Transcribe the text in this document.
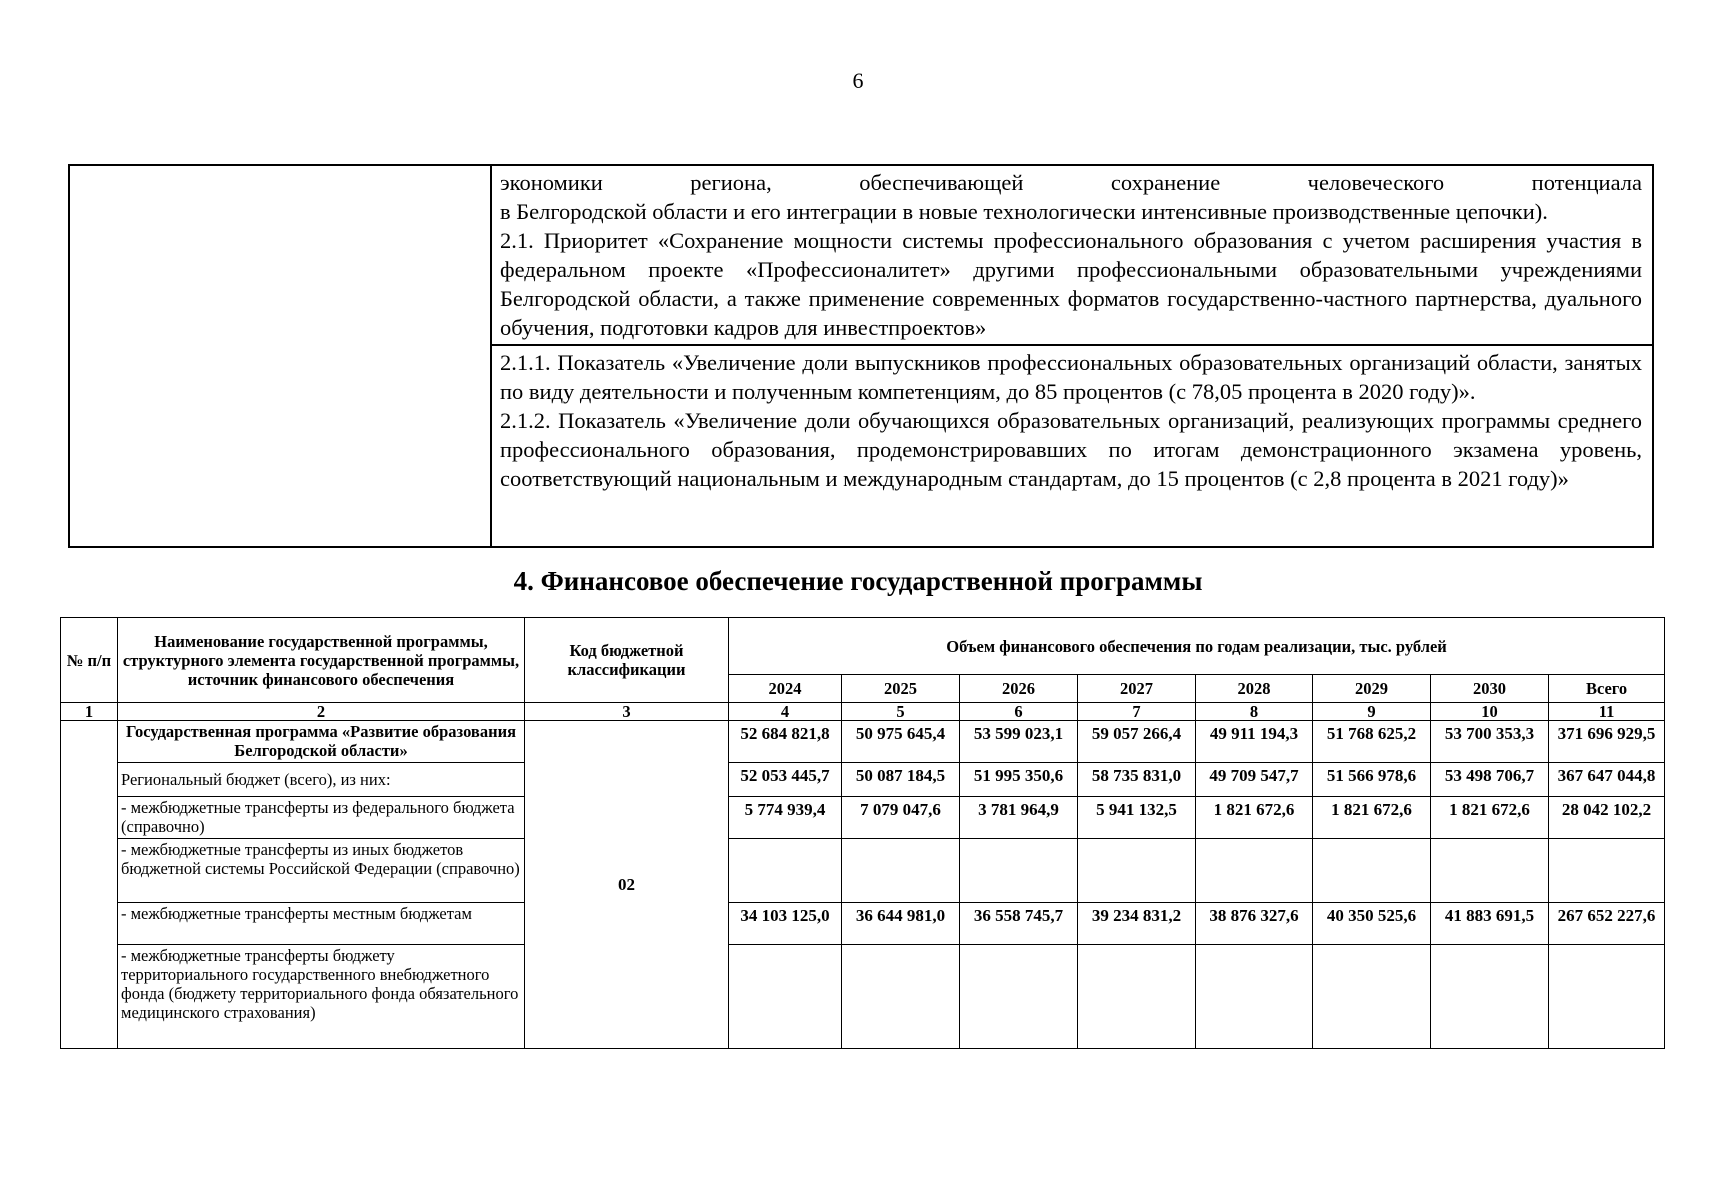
6

экономики региона, обеспечивающей сохранение человеческого потенциала

в Белгородской области и его интеграции в новые технологически интенсивные производственные цепочки).

2.1. Приоритет «Сохранение мощности системы профессионального образования с учетом расширения участия в федеральном проекте «Профессионалитет» другими профессиональными образовательными учреждениями Белгородской области, а также применение современных форматов государственно-частного партнерства, дуального обучения, подготовки кадров для инвестпроектов»

2.1.1. Показатель «Увеличение доли выпускников профессиональных образовательных организаций области, занятых по виду деятельности и полученным компетенциям, до 85 процентов (с 78,05 процента в 2020 году)».

2.1.2. Показатель «Увеличение доли обучающихся образовательных организаций, реализующих программы среднего профессионального образования, продемонстрировавших по итогам демонстрационного экзамена уровень, соответствующий национальным и международным стандартам, до 15 процентов (с 2,8 процента в 2021 году)»

4. Финансовое обеспечение государственной программы
№ п/п	Наименование государственной программы, структурного элемента государственной программы, источник финансового обеспечения	Код бюджетной классификации	Объем финансового обеспечения по годам реализации, тыс. рублей							
			2024	2025	2026	2027	2028	2029	2030	Всего
1	2	3	4	5	6	7	8	9	10	11
	Государственная программа «Развитие образования Белгородской области»	02	52 684 821,8	50 975 645,4	53 599 023,1	59 057 266,4	49 911 194,3	51 768 625,2	53 700 353,3	371 696 929,5
	Региональный бюджет (всего), из них:		52 053 445,7	50 087 184,5	51 995 350,6	58 735 831,0	49 709 547,7	51 566 978,6	53 498 706,7	367 647 044,8
	- межбюджетные трансферты из федерального бюджета (справочно)		5 774 939,4	7 079 047,6	3 781 964,9	5 941 132,5	1 821 672,6	1 821 672,6	1 821 672,6	28 042 102,2
	- межбюджетные трансферты из иных бюджетов бюджетной системы Российской Федерации (справочно)									
	- межбюджетные трансферты местным бюджетам		34 103 125,0	36 644 981,0	36 558 745,7	39 234 831,2	38 876 327,6	40 350 525,6	41 883 691,5	267 652 227,6
	- межбюджетные трансферты бюджету территориального государственного внебюджетного фонда (бюджету территориального фонда обязательного медицинского страхования)									
